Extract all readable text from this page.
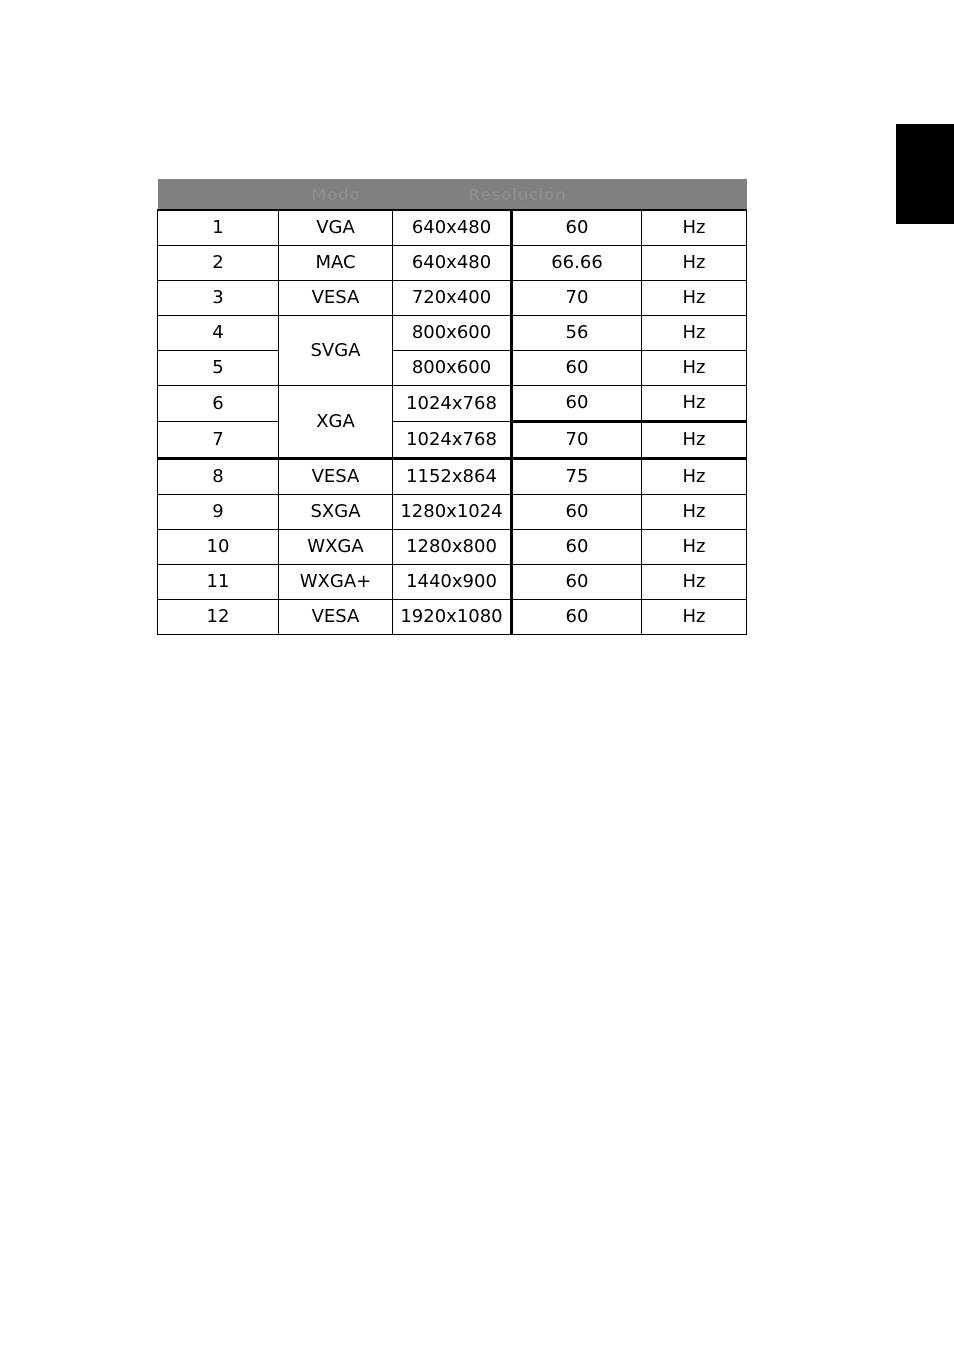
	Modo	Resolución		
1	VGA	640x480	60	Hz
2	MAC	640x480	66.66	Hz
3	VESA	720x400	70	Hz
4	SVGA	800x600	56	Hz
5		800x600	60	Hz
6	XGA	1024x768	60	Hz
7		1024x768	70	Hz
8	VESA	1152x864	75	Hz
9	SXGA	1280x1024	60	Hz
10	WXGA	1280x800	60	Hz
11	WXGA+	1440x900	60	Hz
12	VESA	1920x1080	60	Hz
